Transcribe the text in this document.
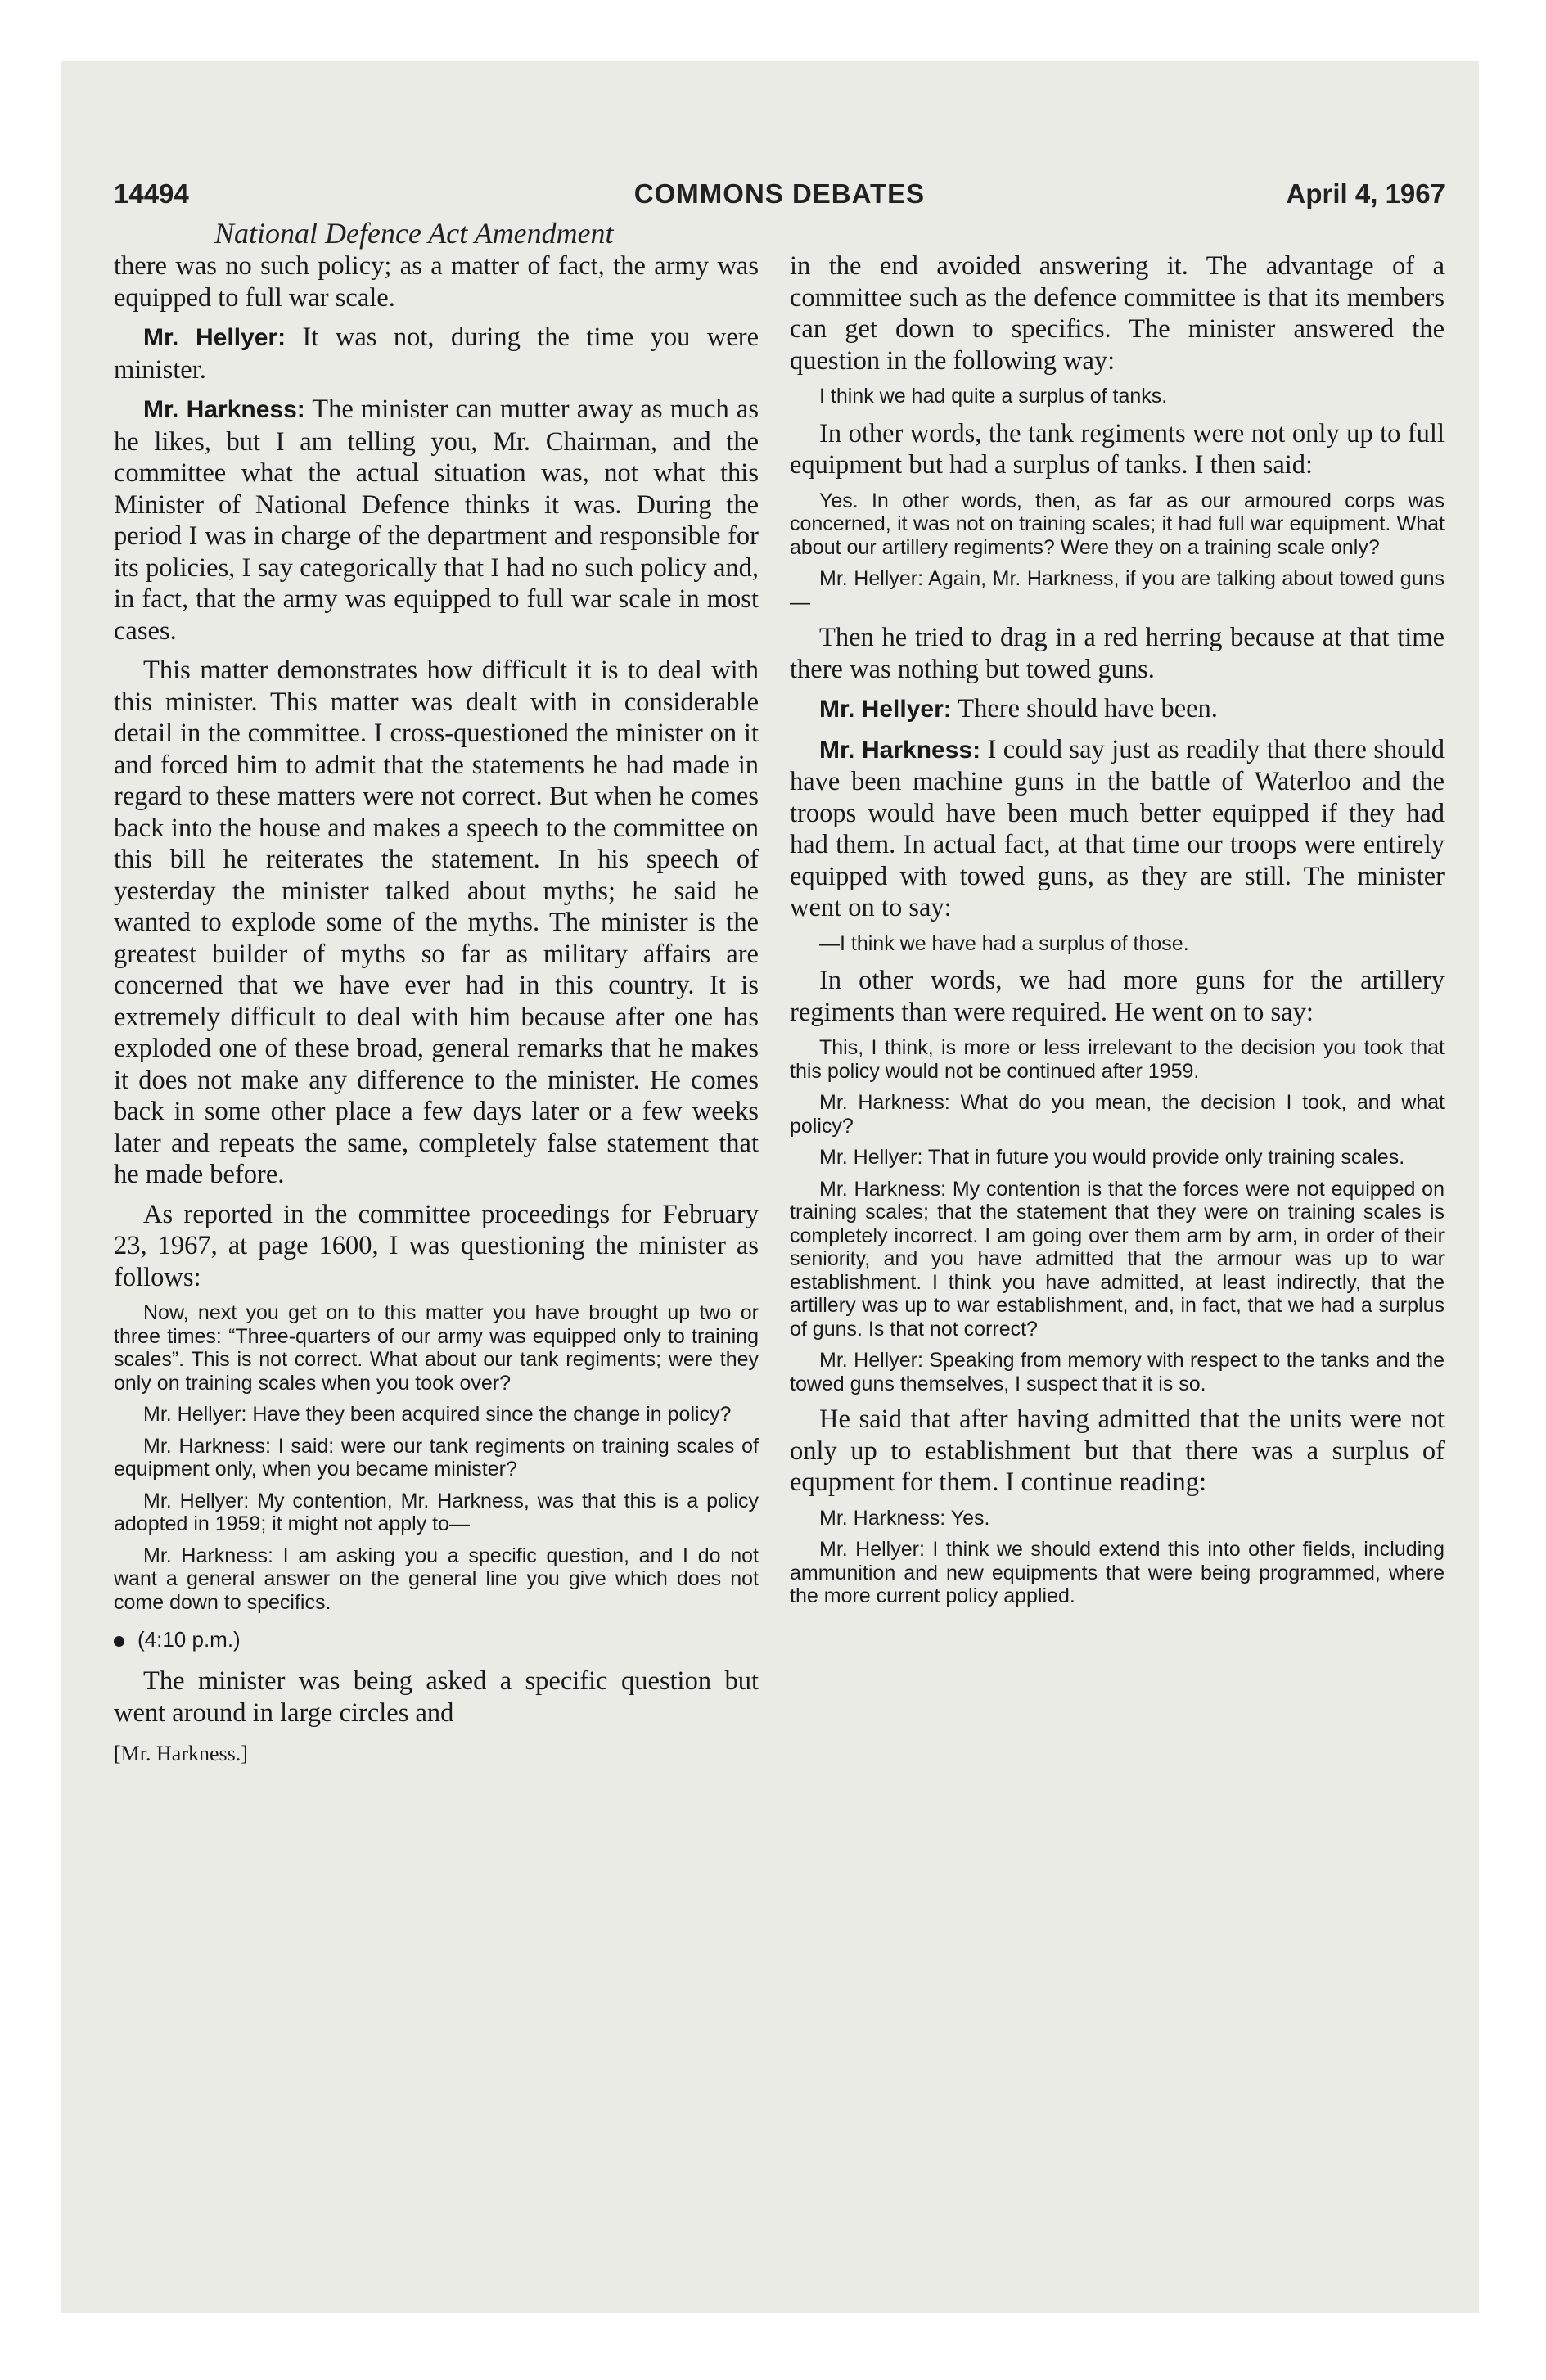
14494	COMMONS DEBATES	April 4, 1967
National Defence Act Amendment

there was no such policy; as a matter of fact, the army was equipped to full war scale.

Mr. Hellyer: It was not, during the time you were minister.

Mr. Harkness: The minister can mutter away as much as he likes, but I am telling you, Mr. Chairman, and the committee what the actual situation was, not what this Minister of National Defence thinks it was. During the period I was in charge of the department and responsible for its policies, I say categorically that I had no such policy and, in fact, that the army was equipped to full war scale in most cases.

This matter demonstrates how difficult it is to deal with this minister. This matter was dealt with in considerable detail in the committee. I cross-questioned the minister on it and forced him to admit that the statements he had made in regard to these matters were not correct. But when he comes back into the house and makes a speech to the committee on this bill he reiterates the statement. In his speech of yesterday the minister talked about myths; he said he wanted to explode some of the myths. The minister is the greatest builder of myths so far as military affairs are concerned that we have ever had in this country. It is extremely difficult to deal with him because after one has exploded one of these broad, general remarks that he makes it does not make any difference to the minister. He comes back in some other place a few days later or a few weeks later and repeats the same, completely false statement that he made before.

As reported in the committee proceedings for February 23, 1967, at page 1600, I was questioning the minister as follows:

Now, next you get on to this matter you have brought up two or three times: “Three-quarters of our army was equipped only to training scales”. This is not correct. What about our tank regiments; were they only on training scales when you took over?

Mr. Hellyer: Have they been acquired since the change in policy?

Mr. Harkness: I said: were our tank regiments on training scales of equipment only, when you became minister?

Mr. Hellyer: My contention, Mr. Harkness, was that this is a policy adopted in 1959; it might not apply to—

Mr. Harkness: I am asking you a specific question, and I do not want a general answer on the general line you give which does not come down to specifics.

(4:10 p.m.)

The minister was being asked a specific question but went around in large circles and

[Mr. Harkness.]

in the end avoided answering it. The advantage of a committee such as the defence committee is that its members can get down to specifics. The minister answered the question in the following way:

I think we had quite a surplus of tanks.

In other words, the tank regiments were not only up to full equipment but had a surplus of tanks. I then said:

Yes. In other words, then, as far as our armoured corps was concerned, it was not on training scales; it had full war equipment. What about our artillery regiments? Were they on a training scale only?

Mr. Hellyer: Again, Mr. Harkness, if you are talking about towed guns—

Then he tried to drag in a red herring because at that time there was nothing but towed guns.

Mr. Hellyer: There should have been.

Mr. Harkness: I could say just as readily that there should have been machine guns in the battle of Waterloo and the troops would have been much better equipped if they had had them. In actual fact, at that time our troops were entirely equipped with towed guns, as they are still. The minister went on to say:

—I think we have had a surplus of those.

In other words, we had more guns for the artillery regiments than were required. He went on to say:

This, I think, is more or less irrelevant to the decision you took that this policy would not be continued after 1959.

Mr. Harkness: What do you mean, the decision I took, and what policy?

Mr. Hellyer: That in future you would provide only training scales.

Mr. Harkness: My contention is that the forces were not equipped on training scales; that the statement that they were on training scales is completely incorrect. I am going over them arm by arm, in order of their seniority, and you have admitted that the armour was up to war establishment. I think you have admitted, at least indirectly, that the artillery was up to war establishment, and, in fact, that we had a surplus of guns. Is that not correct?

Mr. Hellyer: Speaking from memory with respect to the tanks and the towed guns themselves, I suspect that it is so.

He said that after having admitted that the units were not only up to establishment but that there was a surplus of equpment for them. I continue reading:

Mr. Harkness: Yes.

Mr. Hellyer: I think we should extend this into other fields, including ammunition and new equipments that were being programmed, where the more current policy applied.
